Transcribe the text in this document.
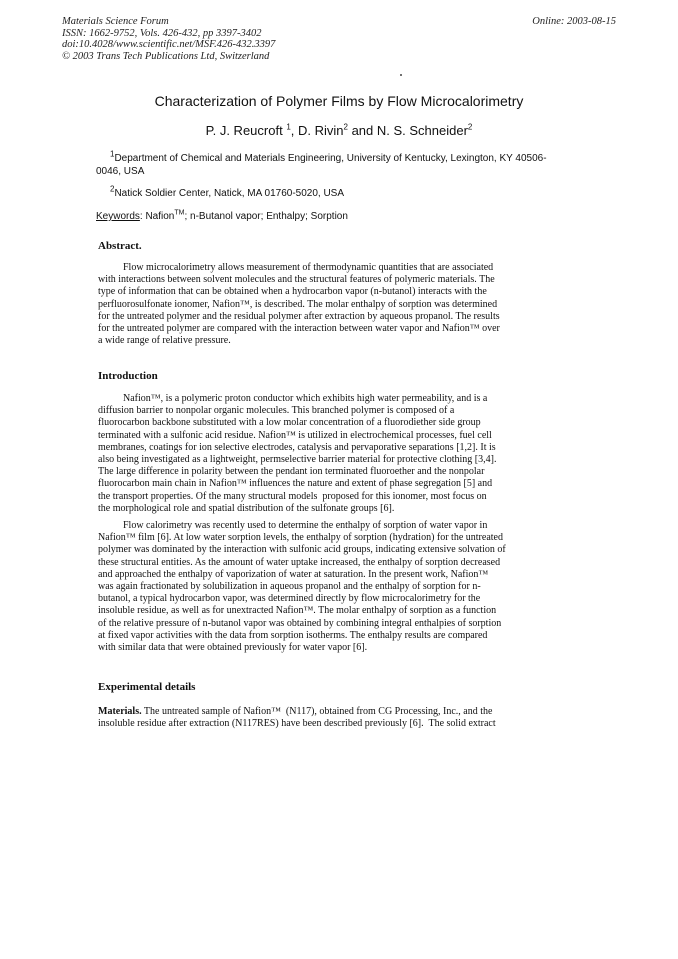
Materials Science Forum
ISSN: 1662-9752, Vols. 426-432, pp 3397-3402
doi:10.4028/www.scientific.net/MSF.426-432.3397
© 2003 Trans Tech Publications Ltd, Switzerland
Online: 2003-08-15
Characterization of Polymer Films by Flow Microcalorimetry
P. J. Reucroft $^1$, D. Rivin$^2$ and N. S. Schneider$^2$
$^1$Department of Chemical and Materials Engineering, University of Kentucky, Lexington, KY 40506-0046, USA
$^2$Natick Soldier Center, Natick, MA 01760-5020, USA
Keywords: Nafion™; n-Butanol vapor; Enthalpy; Sorption
Abstract.
Flow microcalorimetry allows measurement of thermodynamic quantities that are associated
with interactions between solvent molecules and the structural features of polymeric materials. The
type of information that can be obtained when a hydrocarbon vapor (n-butanol) interacts with the
perfluorosulfonate ionomer, Nafion™, is described. The molar enthalpy of sorption was determined
for the untreated polymer and the residual polymer after extraction by aqueous propanol. The results
for the untreated polymer are compared with the interaction between water vapor and Nafion™ over
a wide range of relative pressure.
Introduction
Nafion™, is a polymeric proton conductor which exhibits high water permeability, and is a
diffusion barrier to nonpolar organic molecules. This branched polymer is composed of a
fluorocarbon backbone substituted with a low molar concentration of a fluorodiether side group
terminated with a sulfonic acid residue. Nafion™ is utilized in electrochemical processes, fuel cell
membranes, coatings for ion selective electrodes, catalysis and pervaporative separations [1,2]. It is
also being investigated as a lightweight, permselective barrier material for protective clothing [3,4].
The large difference in polarity between the pendant ion terminated fluoroether and the nonpolar
fluorocarbon main chain in Nafion™ influences the nature and extent of phase segregation [5] and
the transport properties. Of the many structural models  proposed for this ionomer, most focus on
the morphological role and spatial distribution of the sulfonate groups [6].
Flow calorimetry was recently used to determine the enthalpy of sorption of water vapor in
Nafion™ film [6]. At low water sorption levels, the enthalpy of sorption (hydration) for the untreated
polymer was dominated by the interaction with sulfonic acid groups, indicating extensive solvation of
these structural entities. As the amount of water uptake increased, the enthalpy of sorption decreased
and approached the enthalpy of vaporization of water at saturation. In the present work, Nafion™
was again fractionated by solubilization in aqueous propanol and the enthalpy of sorption for n-
butanol, a typical hydrocarbon vapor, was determined directly by flow microcalorimetry for the
insoluble residue, as well as for unextracted Nafion™. The molar enthalpy of sorption as a function
of the relative pressure of n-butanol vapor was obtained by combining integral enthalpies of sorption
at fixed vapor activities with the data from sorption isotherms. The enthalpy results are compared
with similar data that were obtained previously for water vapor [6].
Experimental details
Materials. The untreated sample of Nafion™  (N117), obtained from CG Processing, Inc., and the
insoluble residue after extraction (N117RES) have been described previously [6].  The solid extract
